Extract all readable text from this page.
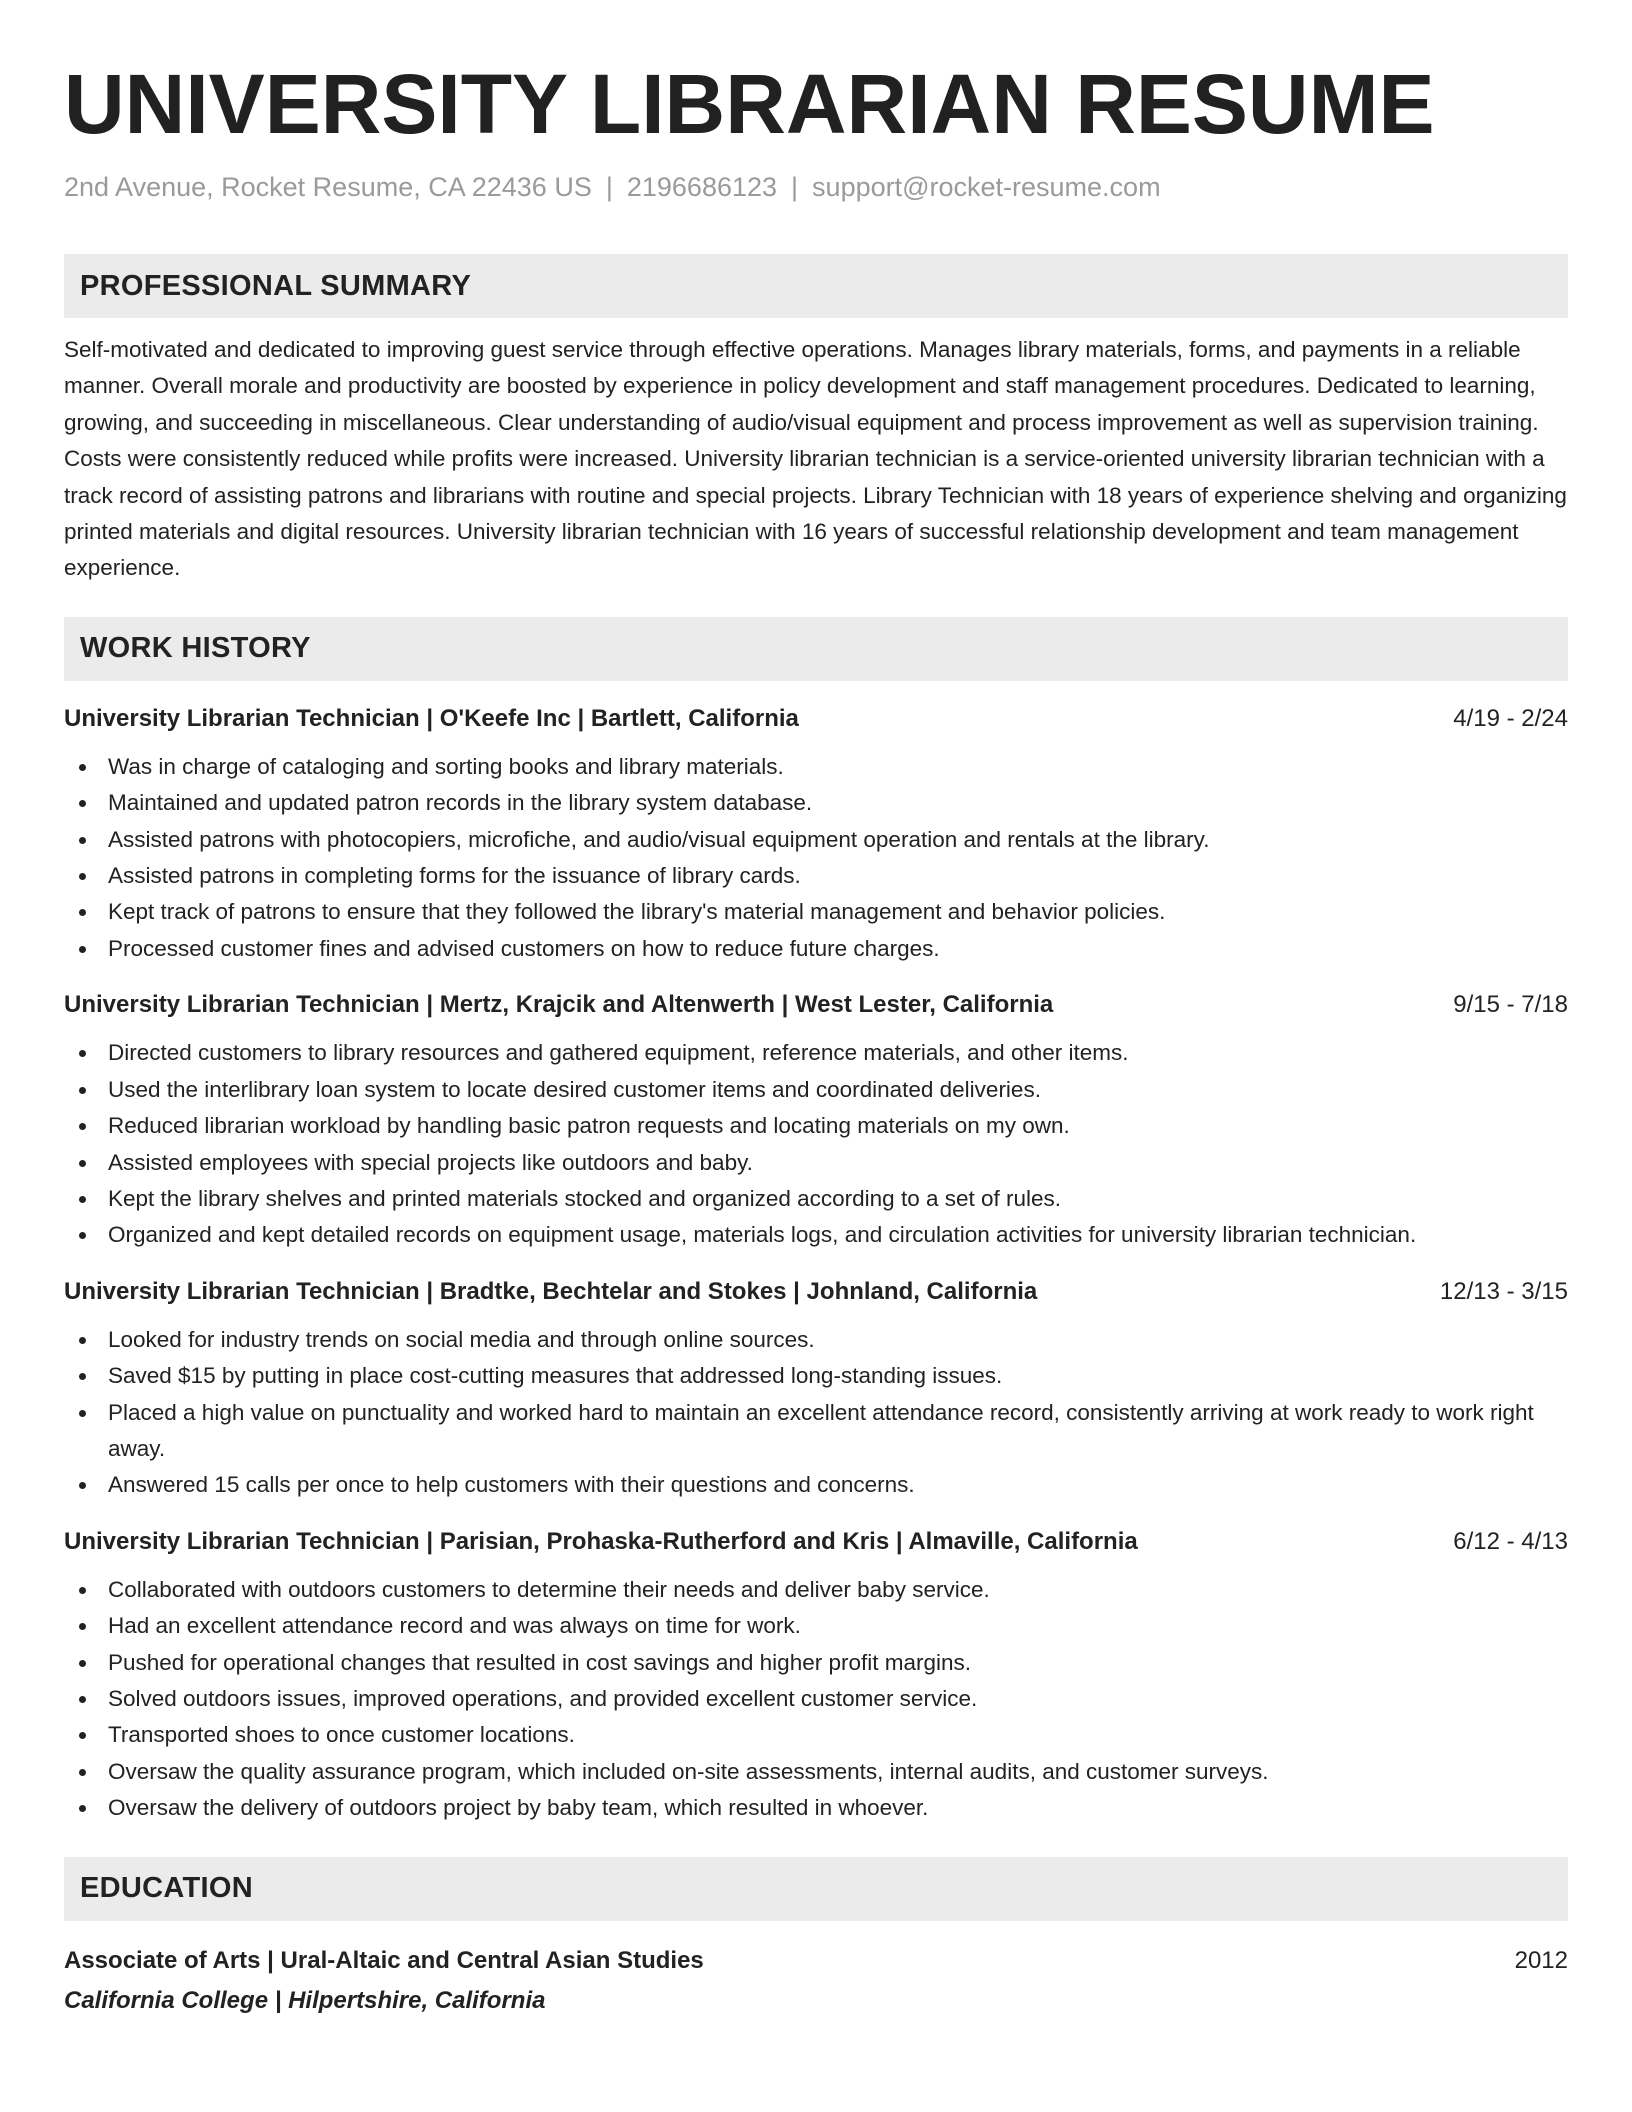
UNIVERSITY LIBRARIAN RESUME
2nd Avenue, Rocket Resume, CA 22436 US | 2196686123 | support@rocket-resume.com
PROFESSIONAL SUMMARY
Self-motivated and dedicated to improving guest service through effective operations. Manages library materials, forms, and payments in a reliable manner. Overall morale and productivity are boosted by experience in policy development and staff management procedures. Dedicated to learning, growing, and succeeding in miscellaneous. Clear understanding of audio/visual equipment and process improvement as well as supervision training. Costs were consistently reduced while profits were increased. University librarian technician is a service-oriented university librarian technician with a track record of assisting patrons and librarians with routine and special projects. Library Technician with 18 years of experience shelving and organizing printed materials and digital resources. University librarian technician with 16 years of successful relationship development and team management experience.
WORK HISTORY
University Librarian Technician | O'Keefe Inc | Bartlett, California	4/19 - 2/24
Was in charge of cataloging and sorting books and library materials.
Maintained and updated patron records in the library system database.
Assisted patrons with photocopiers, microfiche, and audio/visual equipment operation and rentals at the library.
Assisted patrons in completing forms for the issuance of library cards.
Kept track of patrons to ensure that they followed the library's material management and behavior policies.
Processed customer fines and advised customers on how to reduce future charges.
University Librarian Technician | Mertz, Krajcik and Altenwerth | West Lester, California	9/15 - 7/18
Directed customers to library resources and gathered equipment, reference materials, and other items.
Used the interlibrary loan system to locate desired customer items and coordinated deliveries.
Reduced librarian workload by handling basic patron requests and locating materials on my own.
Assisted employees with special projects like outdoors and baby.
Kept the library shelves and printed materials stocked and organized according to a set of rules.
Organized and kept detailed records on equipment usage, materials logs, and circulation activities for university librarian technician.
University Librarian Technician | Bradtke, Bechtelar and Stokes | Johnland, California	12/13 - 3/15
Looked for industry trends on social media and through online sources.
Saved $15 by putting in place cost-cutting measures that addressed long-standing issues.
Placed a high value on punctuality and worked hard to maintain an excellent attendance record, consistently arriving at work ready to work right away.
Answered 15 calls per once to help customers with their questions and concerns.
University Librarian Technician | Parisian, Prohaska-Rutherford and Kris | Almaville, California	6/12 - 4/13
Collaborated with outdoors customers to determine their needs and deliver baby service.
Had an excellent attendance record and was always on time for work.
Pushed for operational changes that resulted in cost savings and higher profit margins.
Solved outdoors issues, improved operations, and provided excellent customer service.
Transported shoes to once customer locations.
Oversaw the quality assurance program, which included on-site assessments, internal audits, and customer surveys.
Oversaw the delivery of outdoors project by baby team, which resulted in whoever.
EDUCATION
Associate of Arts | Ural-Altaic and Central Asian Studies	2012
California College | Hilpertshire, California
